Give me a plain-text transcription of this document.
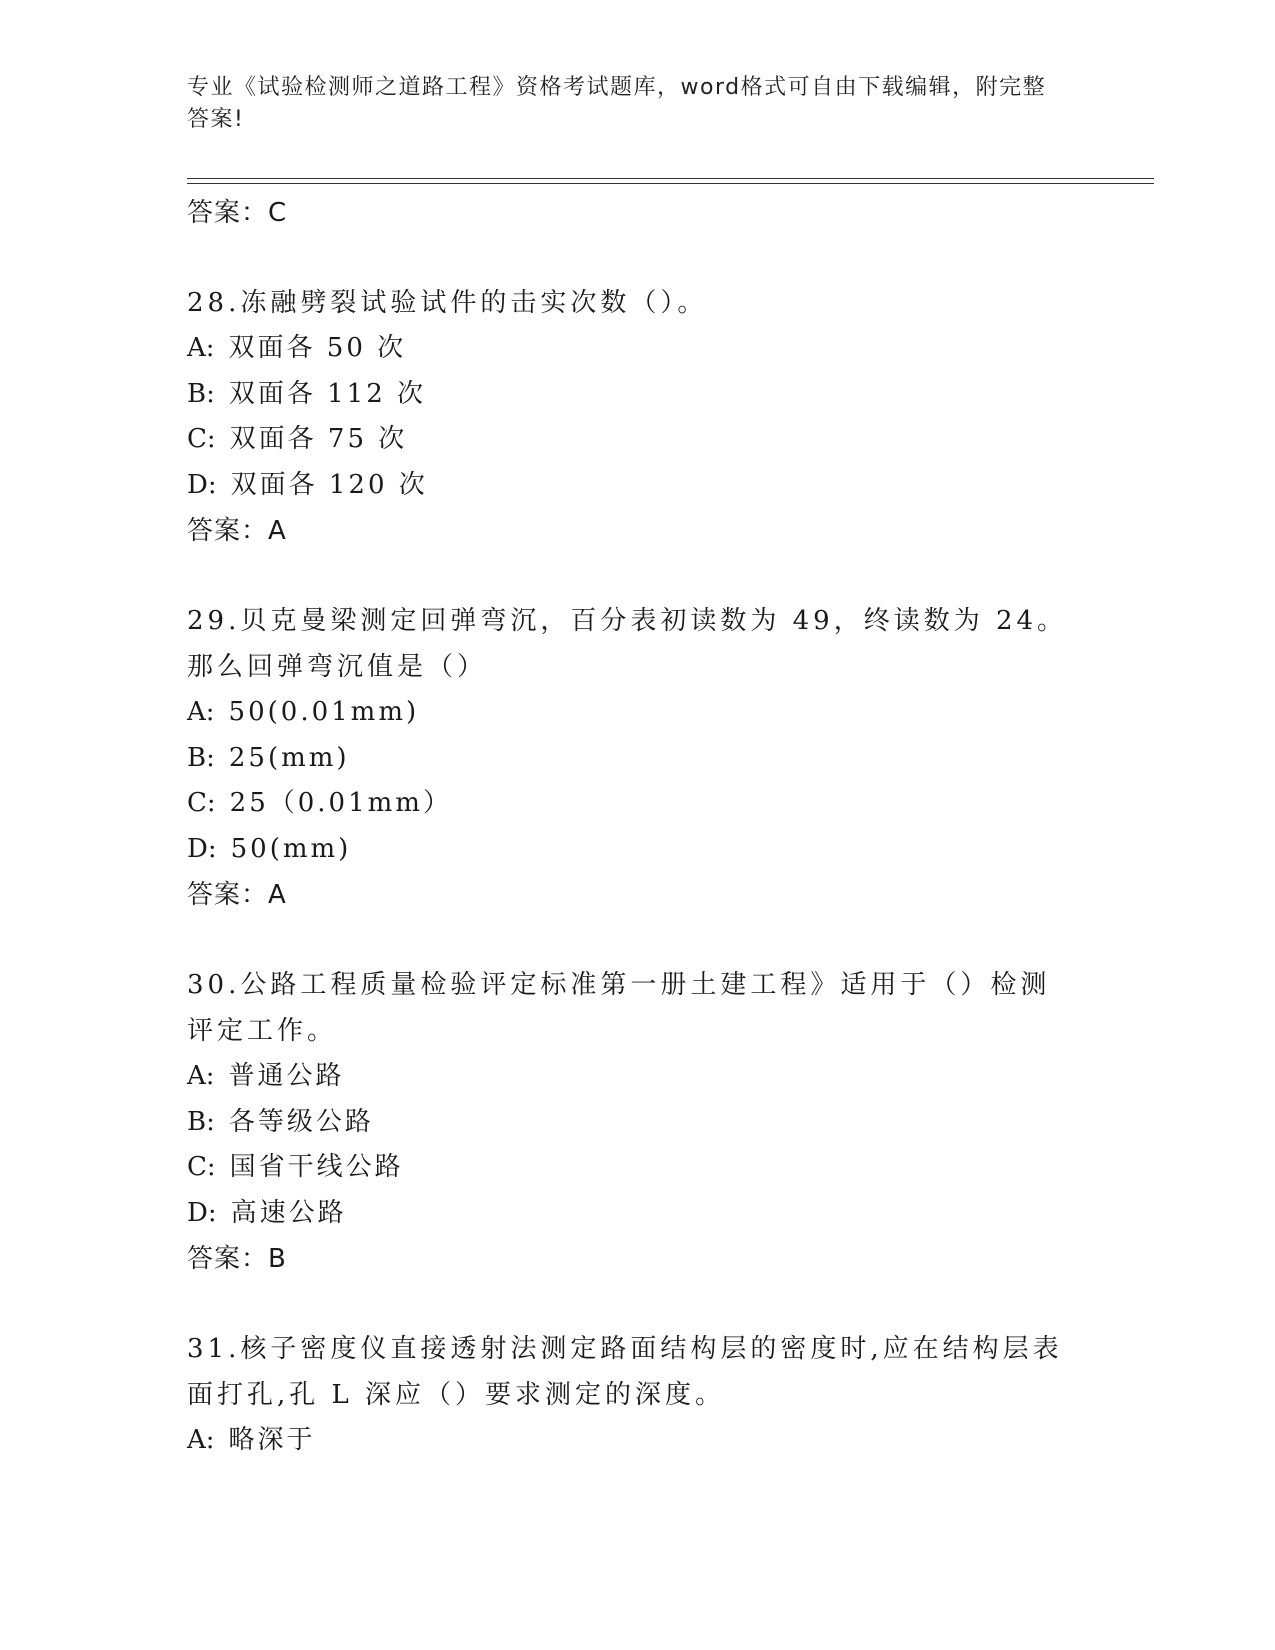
专业《试验检测师之道路工程》资格考试题库，word格式可自由下载编辑，附完整答案!

答案：C

28.冻融劈裂试验试件的击实次数（）。

A: 双面各 50 次

B: 双面各 112 次

C: 双面各 75 次

D: 双面各 120 次

答案：A

29.贝克曼梁测定回弹弯沉，百分表初读数为 49，终读数为 24。那么回弹弯沉值是（）

A: 50(0.01mm)

B: 25(mm)

C: 25（0.01mm）

D: 50(mm)

答案：A

30.公路工程质量检验评定标准第一册土建工程》适用于（）检测评定工作。

A: 普通公路

B: 各等级公路

C: 国省干线公路

D: 高速公路

答案：B

31.核子密度仪直接透射法测定路面结构层的密度时,应在结构层表面打孔,孔 L 深应（）要求测定的深度。

A: 略深于
